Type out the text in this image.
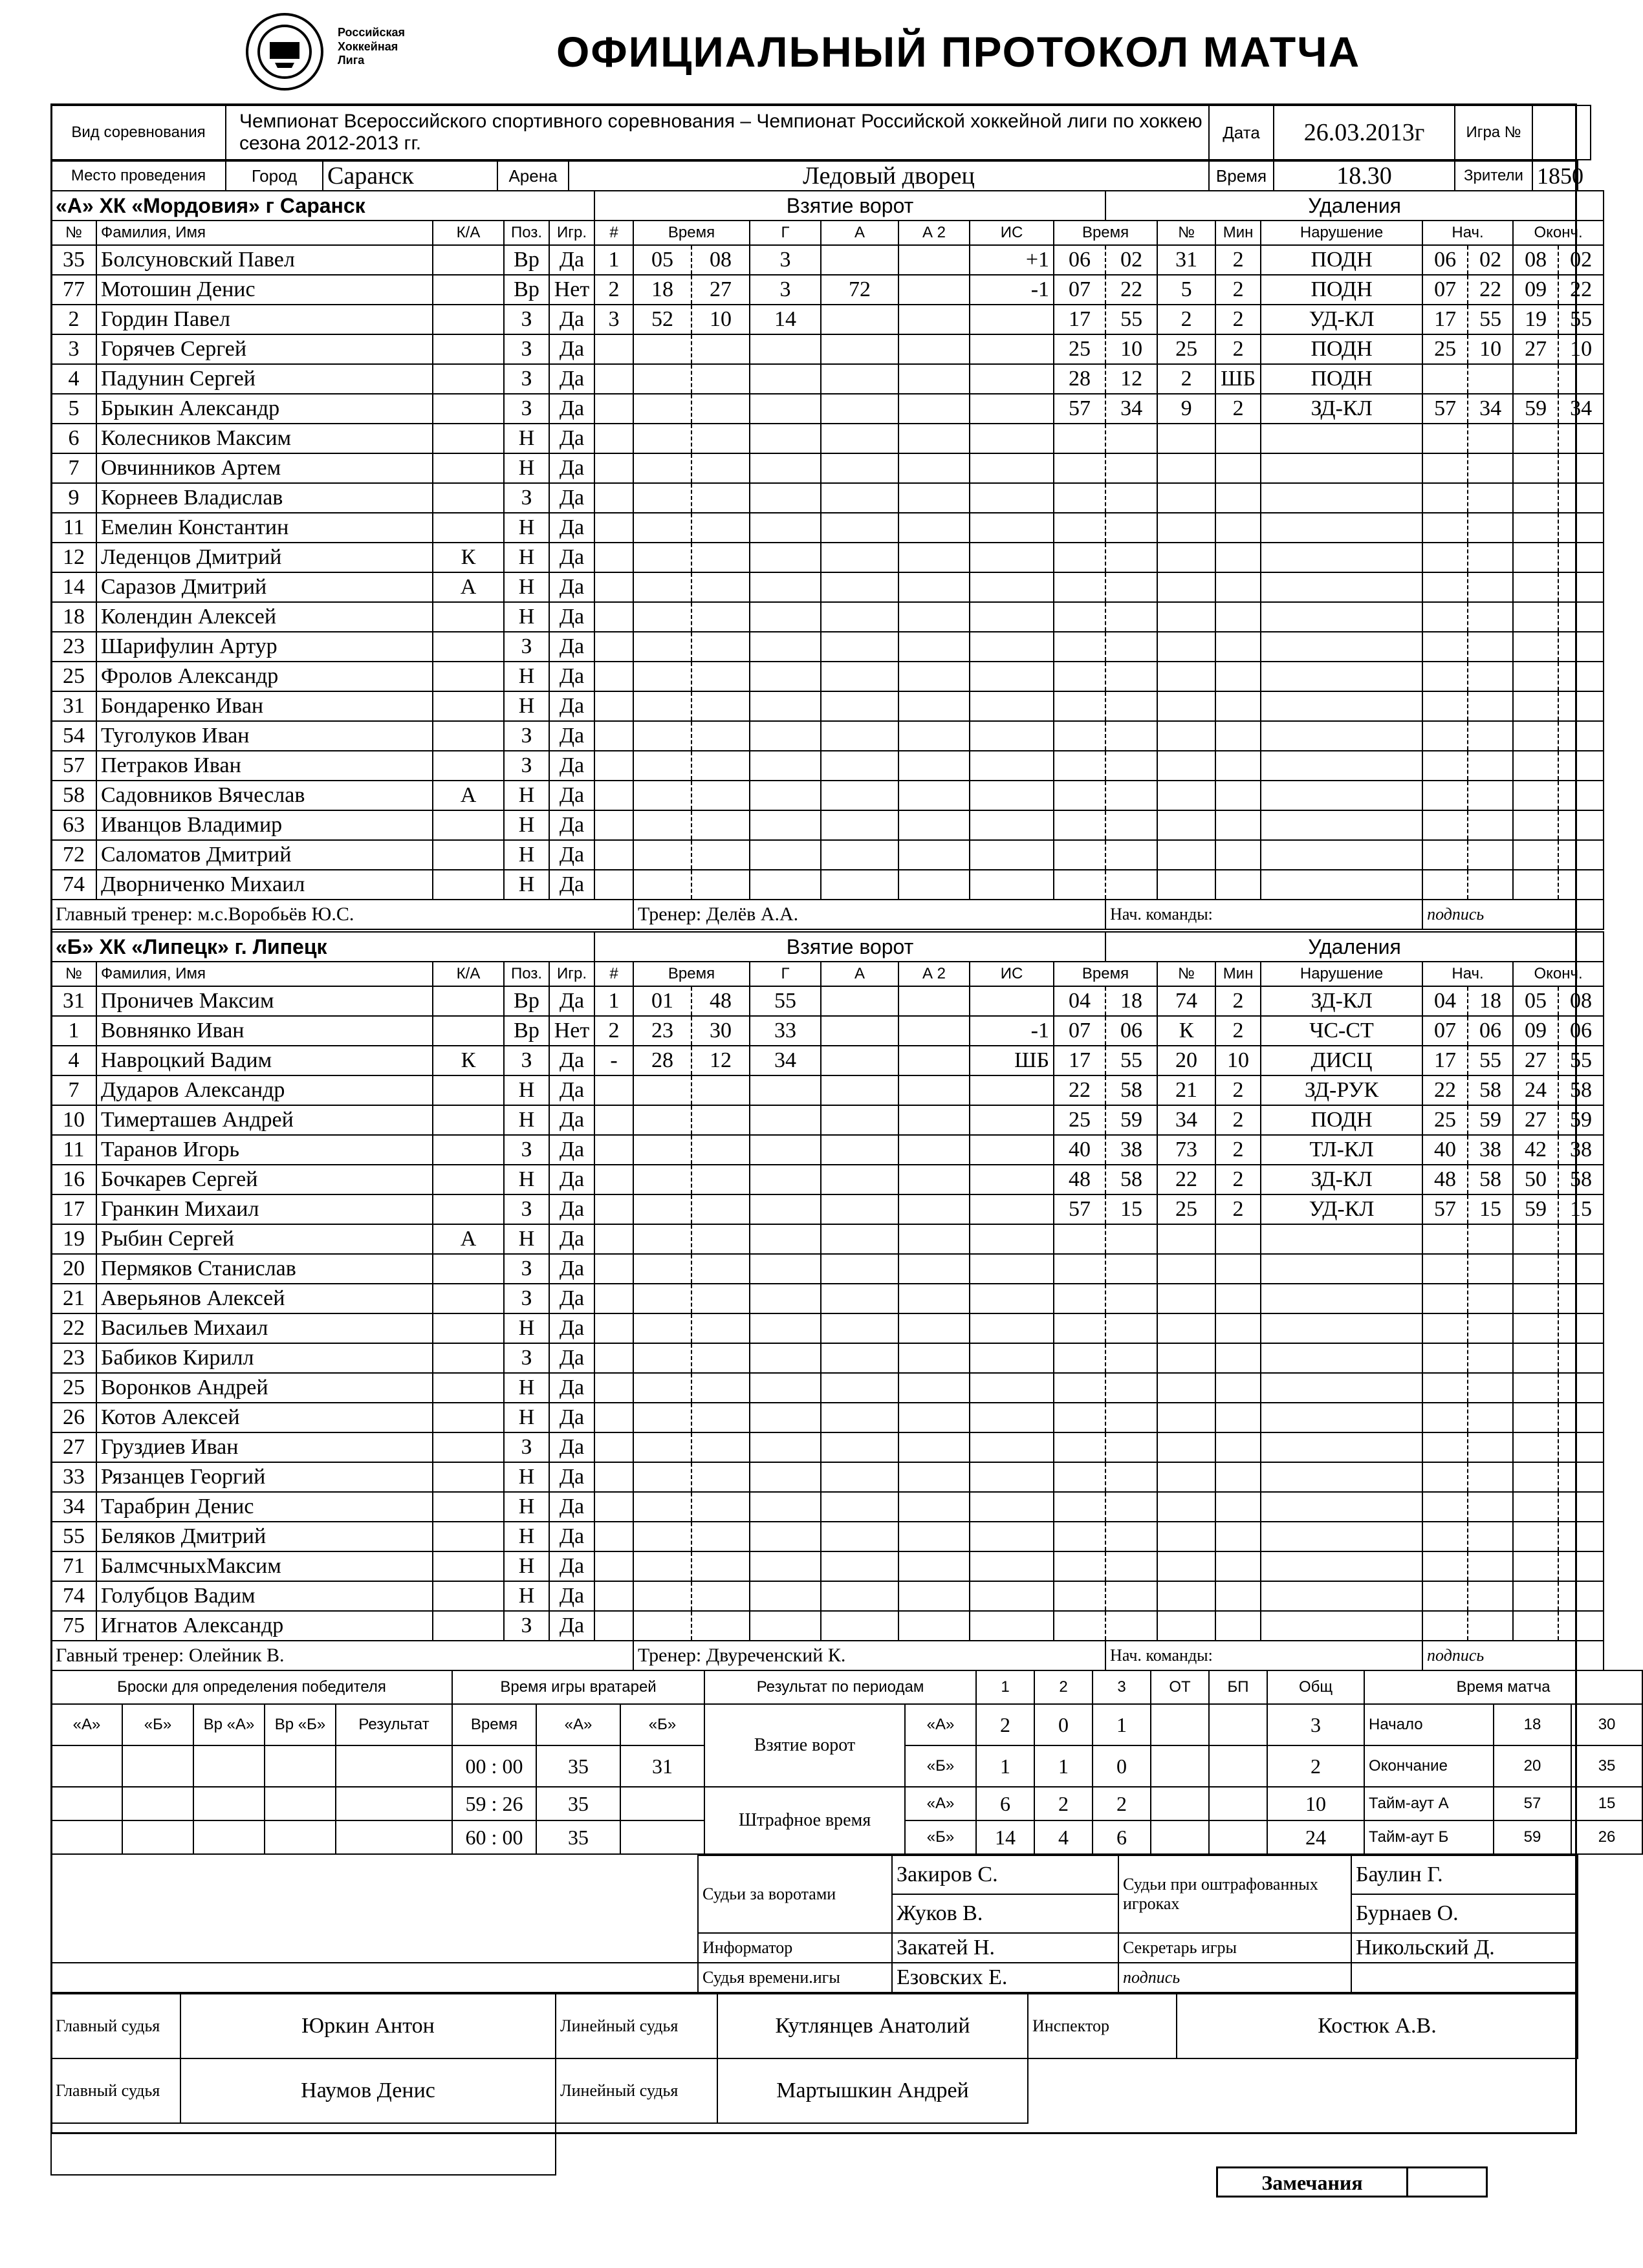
Российская
Хоккейная
Лига	ОФИЦИАЛЬНЫЙ ПРОТОКОЛ МАТЧА
Вид соревнования	Чемпионат Всероссийского спортивного соревнования – Чемпионат Российской хоккейной лиги по хоккею сезона 2012-2013 гг.	Дата	26.03.2013г	Игра №	
Место проведения	Город	Саранск	Арена	Ледовый дворец	Время	18.30	Зрители	1850
«А» ХК «Мордовия» г Саранск					Взятие ворот								Удаления							
№	Фамилия, Имя	К/А	Поз.	Игр.	#	Время		Г	А	А 2	ИС	Время		№	Мин	Нарушение	Нач.		Оконч.	
35	Болсуновский Павел		Вр	Да	1	05	08	3			+1	06	02	31	2	ПОДН	06	02	08	02
77	Мотошин Денис		Вр	Нет	2	18	27	3	72		-1	07	22	5	2	ПОДН	07	22	09	22
2	Гордин Павел		З	Да	3	52	10	14				17	55	2	2	УД-КЛ	17	55	19	55
3	Горячев Сергей		З	Да								25	10	25	2	ПОДН	25	10	27	10
4	Падунин Сергей		З	Да								28	12	2	ШБ	ПОДН				
5	Брыкин Александр		З	Да								57	34	9	2	ЗД-КЛ	57	34	59	34
6	Колесников Максим		Н	Да																
7	Овчинников Артем		Н	Да																
9	Корнеев Владислав		З	Да																
11	Емелин Константин		Н	Да																
12	Леденцов Дмитрий	К	Н	Да																
14	Саразов Дмитрий	А	Н	Да																
18	Колендин Алексей		Н	Да																
23	Шарифулин Артур		З	Да																
25	Фролов Александр		Н	Да																
31	Бондаренко Иван		Н	Да																
54	Туголуков Иван		З	Да																
57	Петраков Иван		З	Да																
58	Садовников Вячеслав	А	Н	Да																
63	Иванцов Владимир		Н	Да																
72	Саломатов Дмитрий		Н	Да																
74	Дворниченко Михаил		Н	Да																
Главный тренер: м.с.Воробьёв Ю.С.						Тренер: Делёв А.А.							Нач. команды:				подпись			
«Б» ХК «Липецк» г. Липецк					Взятие ворот								Удаления							
№	Фамилия, Имя	К/А	Поз.	Игр.	#	Время		Г	А	А 2	ИС	Время		№	Мин	Нарушение	Нач.		Оконч.	
31	Проничев Максим		Вр	Да	1	01	48	55				04	18	74	2	ЗД-КЛ	04	18	05	08
1	Вовнянко Иван		Вр	Нет	2	23	30	33			-1	07	06	К	2	ЧС-СТ	07	06	09	06
4	Навроцкий Вадим	К	З	Да	-	28	12	34			ШБ	17	55	20	10	ДИСЦ	17	55	27	55
7	Дударов Александр		Н	Да								22	58	21	2	ЗД-РУК	22	58	24	58
10	Тимерташев Андрей		Н	Да								25	59	34	2	ПОДН	25	59	27	59
11	Таранов Игорь		З	Да								40	38	73	2	ТЛ-КЛ	40	38	42	38
16	Бочкарев Сергей		Н	Да								48	58	22	2	ЗД-КЛ	48	58	50	58
17	Гранкин Михаил		З	Да								57	15	25	2	УД-КЛ	57	15	59	15
19	Рыбин Сергей	А	Н	Да																
20	Пермяков Станислав		З	Да																
21	Аверьянов Алексей		З	Да																
22	Васильев Михаил		Н	Да																
23	Бабиков Кирилл		З	Да																
25	Воронков Андрей		Н	Да																
26	Котов Алексей		Н	Да																
27	Груздиев Иван		З	Да																
33	Рязанцев Георгий		Н	Да																
34	Тарабрин Денис		Н	Да																
55	Беляков Дмитрий		Н	Да																
71	БалмсчныхМаксим		Н	Да																
74	Голубцов Вадим		Н	Да																
75	Игнатов Александр		З	Да																
Гавный тренер: Олейник В.						Тренер: Двуреченский К.							Нач. команды:				подпись			
Броски для определения победителя					Время игры вратарей			Результат по периодам		1	2	3	ОТ	БП	Общ	Время матча		
«А»	«Б»	Вр «А»	Вр «Б»	Результат	Время	«А»	«Б»	Взятие ворот	«А»	2	0	1			3	Начало	18	30
					00 : 00	35	31		«Б»	1	1	0			2	Окончание	20	35
					59 : 26	35		Штрафное время	«А»	6	2	2			10	Тайм-аут А	57	15
					60 : 00	35			«Б»	14	4	6			24	Тайм-аут Б	59	26
	Судьи за воротами	Закиров С.	Судьи при оштрафованных игроках	Баулин Г.
		Жуков В.		Бурнаев О.
	Информатор	Закатей Н.	Секретарь игры	Никольский Д.
	Судья времени.игы	Езовских Е.	подпись	
Главный судья	Юркин Антон	Линейный судья	Кутлянцев Анатолий	Инспектор	Костюк А.В.
Главный судья	Наумов Денис	Линейный судья	Мартышкин Андрей		

Замечания
